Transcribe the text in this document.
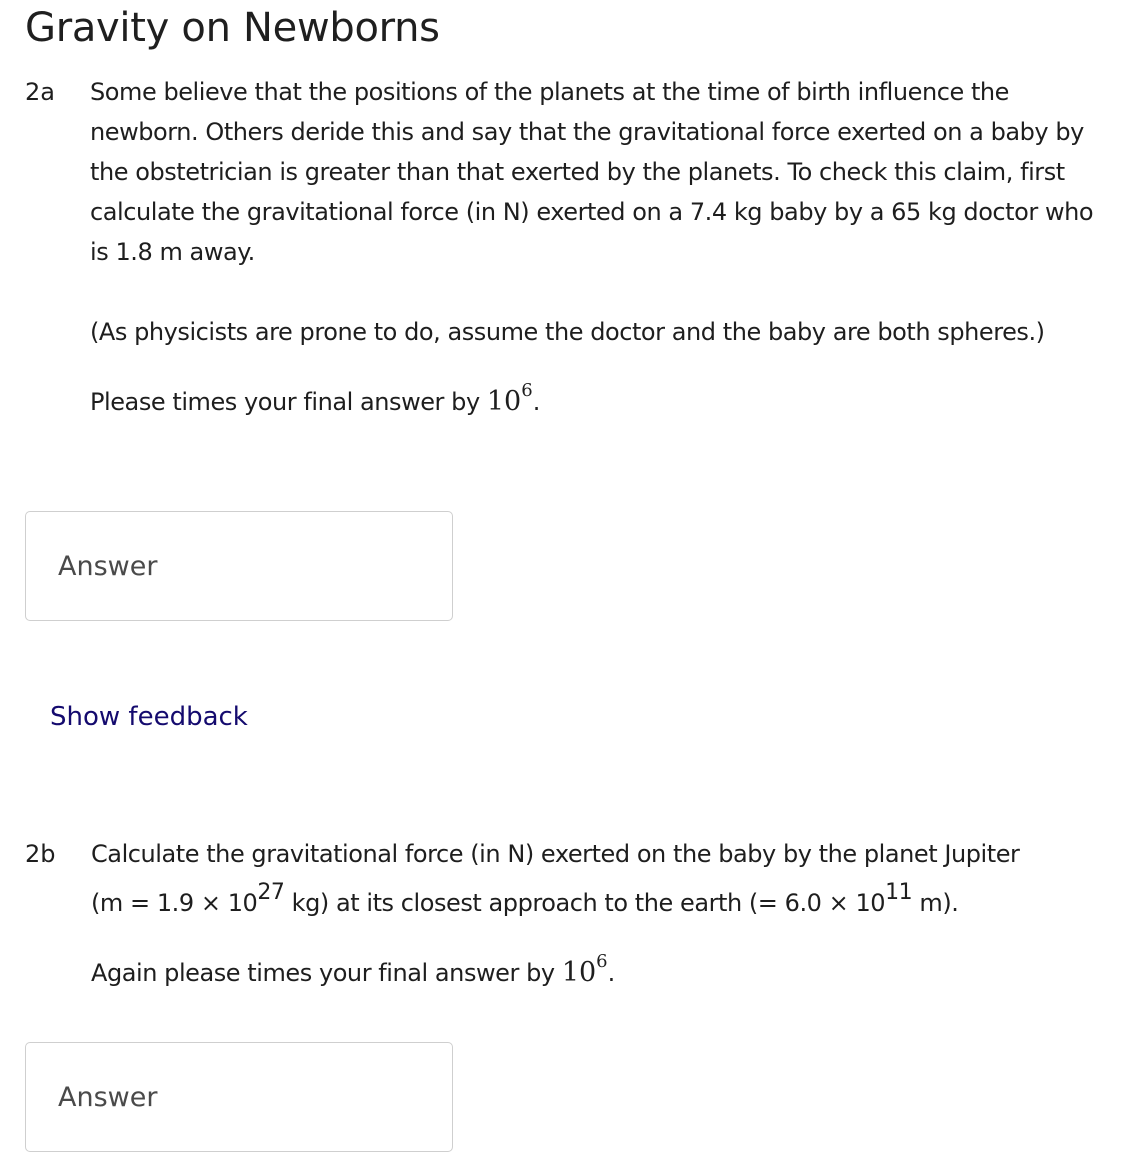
Gravity on Newborns
2a Some believe that the positions of the planets at the time of birth influence the newborn. Others deride this and say that the gravitational force exerted on a baby by the obstetrician is greater than that exerted by the planets. To check this claim, first calculate the gravitational force (in N) exerted on a 7.4 kg baby by a 65 kg doctor who is 1.8 m away.

(As physicists are prone to do, assume the doctor and the baby are both spheres.)

Please times your final answer by $10^6$.

Answer
Show feedback
2b Calculate the gravitational force (in N) exerted on the baby by the planet Jupiter

($m = 1.9 \times 10^{27}$ kg) at its closest approach to the earth (= $6.0 \times 10^{11}$ m).

Again please times your final answer by $10^6$.

Answer
